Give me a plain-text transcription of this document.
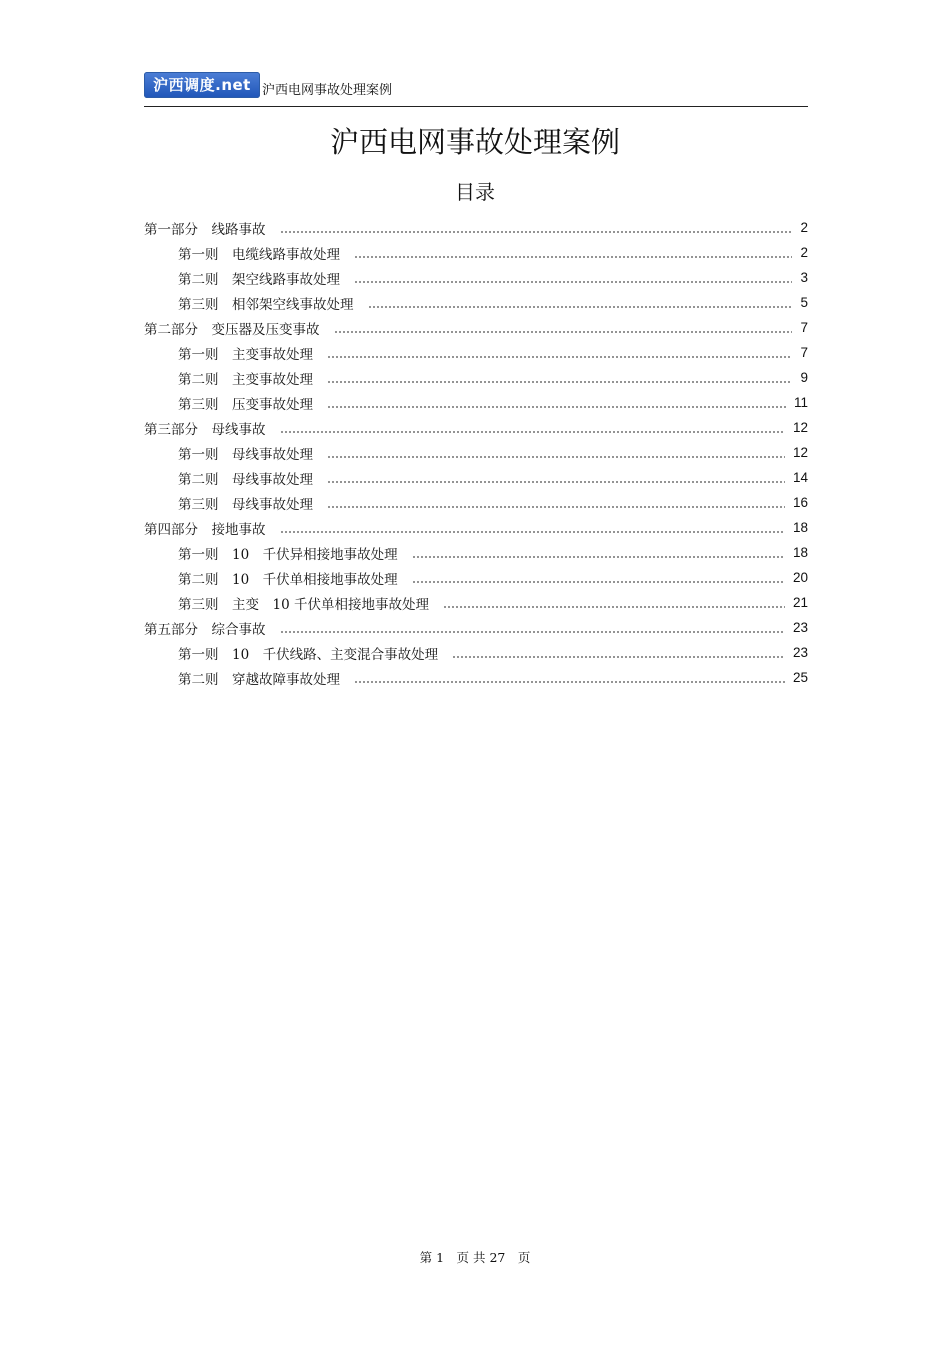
沪西调度.net 沪西电网事故处理案例
沪西电网事故处理案例
目录
第一部分　线路事故	2
第一则　电缆线路事故处理	2
第二则　架空线路事故处理	3
第三则　相邻架空线事故处理	5
第二部分　变压器及压变事故	7
第一则　主变事故处理	7
第二则　主变事故处理	9
第三则　压变事故处理	11
第三部分　母线事故	12
第一则　母线事故处理	12
第二则　母线事故处理	14
第三则　母线事故处理	16
第四部分　接地事故	18
第一则　10　千伏异相接地事故处理	18
第二则　10　千伏单相接地事故处理	20
第三则　主变　10 千伏单相接地事故处理	21
第五部分　综合事故	23
第一则　10　千伏线路、主变混合事故处理	23
第二则　穿越故障事故处理	25
第 1　页 共 27　页
